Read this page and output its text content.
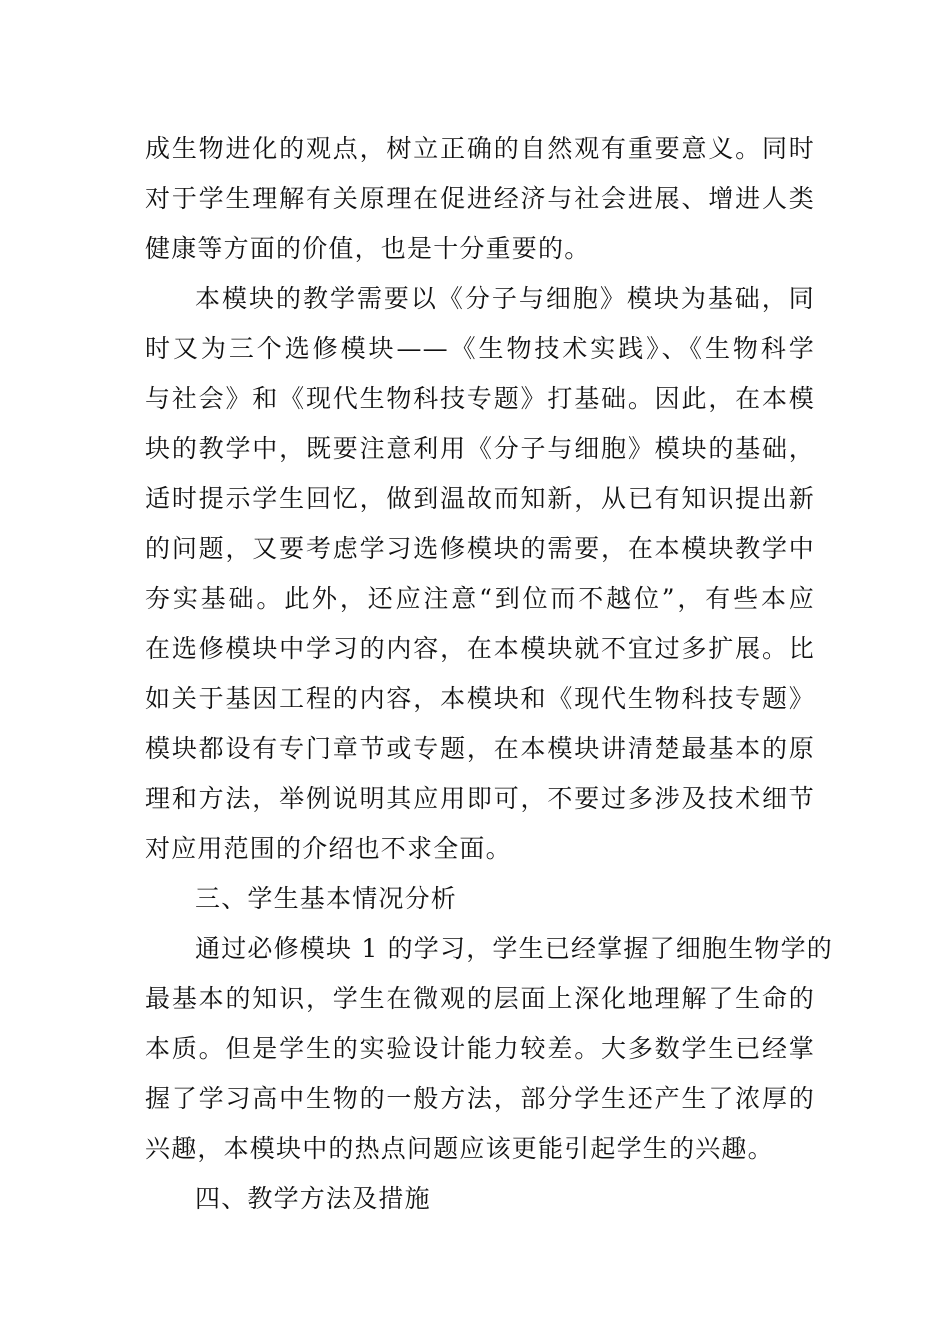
成生物进化的观点，树立正确的自然观有重要意义。同时
对于学生理解有关原理在促进经济与社会进展、增进人类
健康等方面的价值，也是十分重要的。
本模块的教学需要以《分子与细胞》模块为基础，同
时又为三个选修模块——《生物技术实践》、《生物科学
与社会》和《现代生物科技专题》打基础。因此，在本模
块的教学中，既要注意利用《分子与细胞》模块的基础，
适时提示学生回忆，做到温故而知新，从已有知识提出新
的问题，又要考虑学习选修模块的需要，在本模块教学中
夯实基础。此外，还应注意“到位而不越位”，有些本应
在选修模块中学习的内容，在本模块就不宜过多扩展。比
如关于基因工程的内容，本模块和《现代生物科技专题》
模块都设有专门章节或专题，在本模块讲清楚最基本的原
理和方法，举例说明其应用即可，不要过多涉及技术细节
对应用范围的介绍也不求全面。
三、学生基本情况分析
通过必修模块 1 的学习，学生已经掌握了细胞生物学的
最基本的知识，学生在微观的层面上深化地理解了生命的
本质。但是学生的实验设计能力较差。大多数学生已经掌
握了学习高中生物的一般方法，部分学生还产生了浓厚的
兴趣，本模块中的热点问题应该更能引起学生的兴趣。
四、教学方法及措施
